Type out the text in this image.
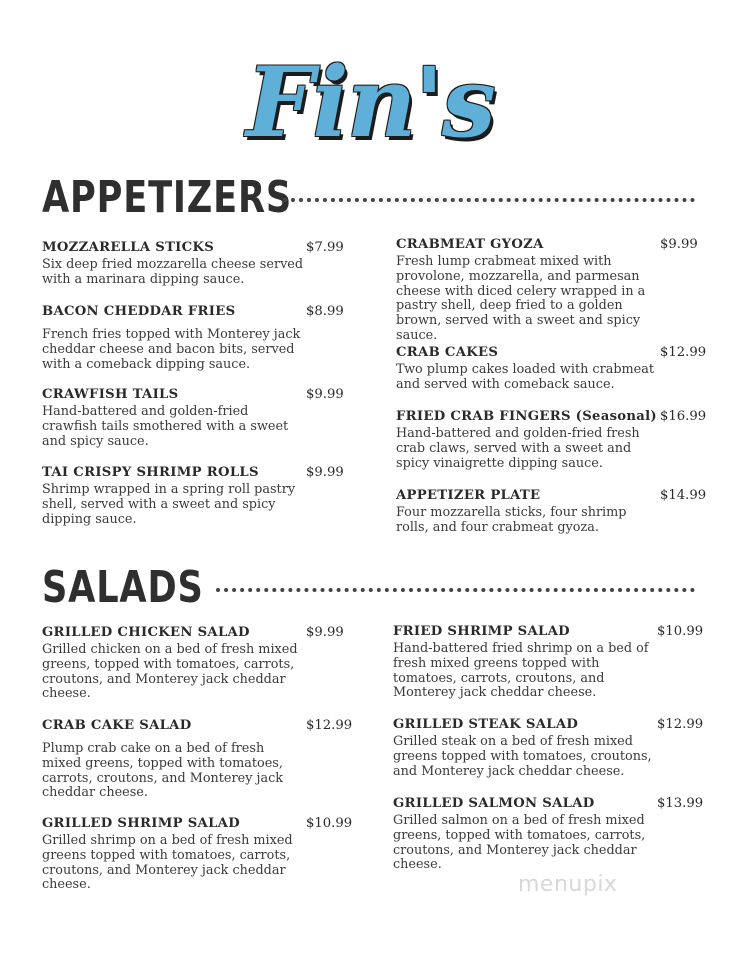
Fin's
APPETIZERS
MOZZARELLA STICKS	$7.99
Six deep fried mozzarella cheese served with a marinara dipping sauce.
BACON CHEDDAR FRIES	$8.99
French fries topped with Monterey jack cheddar cheese and bacon bits, served with a comeback dipping sauce.
CRAWFISH TAILS	$9.99
Hand-battered and golden-fried crawfish tails smothered with a sweet and spicy sauce.
TAI CRISPY SHRIMP ROLLS	$9.99
Shrimp wrapped in a spring roll pastry shell, served with a sweet and spicy dipping sauce.
CRABMEAT GYOZA	$9.99
Fresh lump crabmeat mixed with provolone, mozzarella, and parmesan cheese with diced celery wrapped in a pastry shell, deep fried to a golden brown, served with a sweet and spicy sauce.
CRAB CAKES	$12.99
Two plump cakes loaded with crabmeat and served with comeback sauce.
FRIED CRAB FINGERS (Seasonal) $16.99
Hand-battered and golden-fried fresh crab claws, served with a sweet and spicy vinaigrette dipping sauce.
APPETIZER PLATE	$14.99
Four mozzarella sticks, four shrimp rolls, and four crabmeat gyoza.
SALADS
GRILLED CHICKEN SALAD	$9.99
Grilled chicken on a bed of fresh mixed greens, topped with tomatoes, carrots, croutons, and Monterey jack cheddar cheese.
CRAB CAKE SALAD	$12.99
Plump crab cake on a bed of fresh mixed greens, topped with tomatoes, carrots, croutons, and Monterey jack cheddar cheese.
GRILLED SHRIMP SALAD	$10.99
Grilled shrimp on a bed of fresh mixed greens topped with tomatoes, carrots, croutons, and Monterey jack cheddar cheese.
FRIED SHRIMP SALAD	$10.99
Hand-battered fried shrimp on a bed of fresh mixed greens topped with tomatoes, carrots, croutons, and Monterey jack cheddar cheese.
GRILLED STEAK SALAD	$12.99
Grilled steak on a bed of fresh mixed greens topped with tomatoes, croutons, and Monterey jack cheddar cheese.
GRILLED SALMON SALAD	$13.99
Grilled salmon on a bed of fresh mixed greens, topped with tomatoes, carrots, croutons, and Monterey jack cheddar cheese.
menupix
